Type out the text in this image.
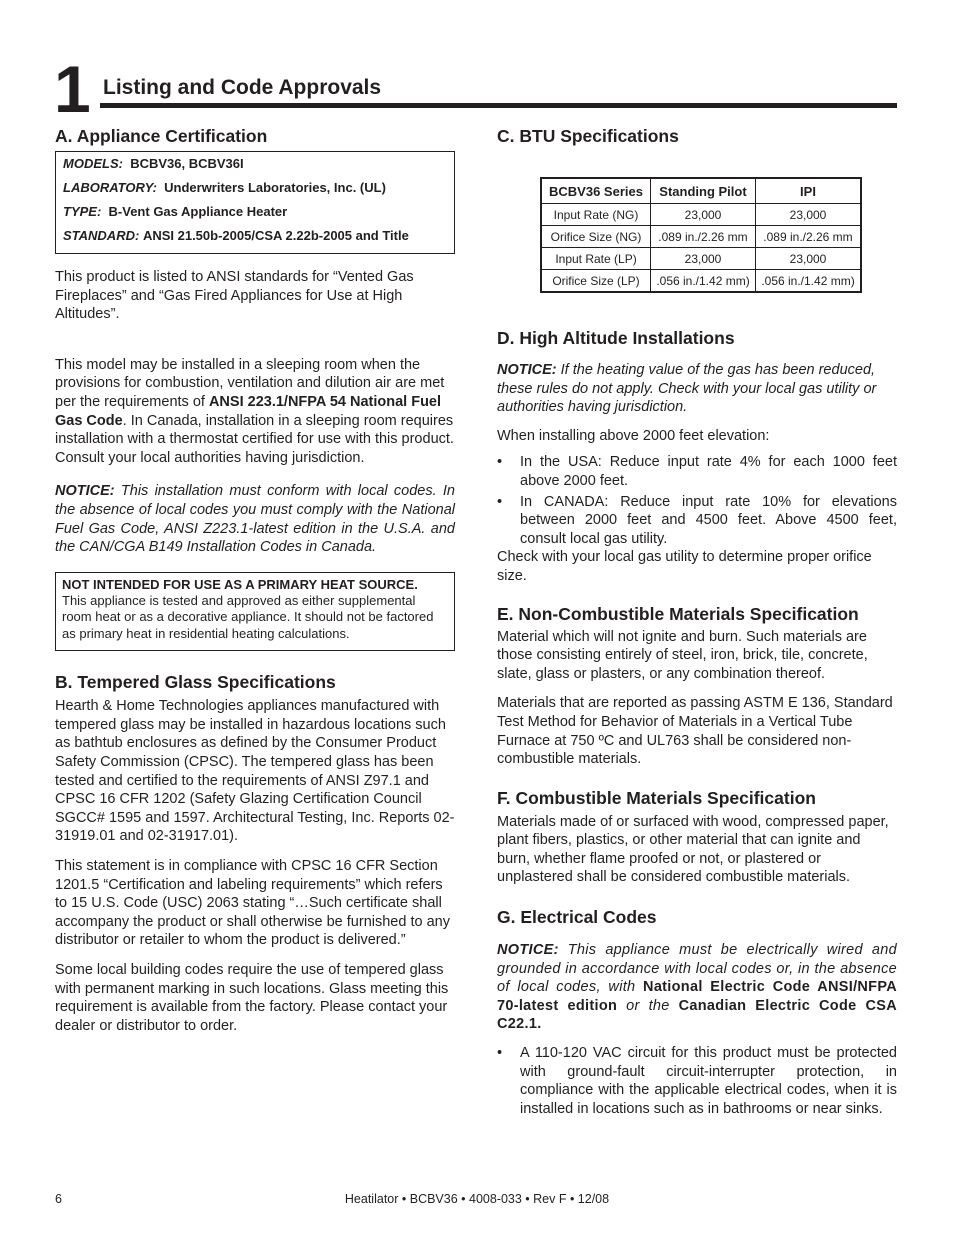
1 Listing and Code Approvals
A. Appliance Certification
MODELS: BCBV36, BCBV36I
LABORATORY: Underwriters Laboratories, Inc. (UL)
TYPE: B-Vent Gas Appliance Heater
STANDARD: ANSI 21.50b-2005/CSA 2.22b-2005 and Title

This product is listed to ANSI standards for “Vented Gas Fireplaces” and “Gas Fired Appliances for Use at High Altitudes”.

This model may be installed in a sleeping room when the provisions for combustion, ventilation and dilution air are met per the requirements of ANSI 223.1/NFPA 54 National Fuel Gas Code. In Canada, installation in a sleeping room requires installation with a thermostat certified for use with this product. Consult your local authorities having jurisdiction.

NOTICE: This installation must conform with local codes. In the absence of local codes you must comply with the National Fuel Gas Code, ANSI Z223.1-latest edition in the U.S.A. and the CAN/CGA B149 Installation Codes in Canada.

NOT INTENDED FOR USE AS A PRIMARY HEAT SOURCE.
This appliance is tested and approved as either supplemental room heat or as a decorative appliance. It should not be factored as primary heat in residential heating calculations.
B. Tempered Glass Specifications

Hearth & Home Technologies appliances manufactured with tempered glass may be installed in hazardous locations such as bathtub enclosures as defined by the Consumer Product Safety Commission (CPSC). The tempered glass has been tested and certified to the requirements of ANSI Z97.1 and CPSC 16 CFR 1202 (Safety Glazing Certification Council SGCC# 1595 and 1597. Architectural Testing, Inc. Reports 02-31919.01 and 02-31917.01).

This statement is in compliance with CPSC 16 CFR Section 1201.5 “Certification and labeling requirements” which refers to 15 U.S. Code (USC) 2063 stating “…Such certificate shall accompany the product or shall otherwise be furnished to any distributor or retailer to whom the product is delivered.”

Some local building codes require the use of tempered glass with permanent marking in such locations. Glass meeting this requirement is available from the factory. Please contact your dealer or distributor to order.

C. BTU Specifications
BCBV36 Series	Standing Pilot	IPI
Input Rate (NG)	23,000	23,000
Orifice Size (NG)	.089 in./2.26 mm	.089 in./2.26 mm
Input Rate (LP)	23,000	23,000
Orifice Size (LP)	.056 in./1.42 mm)	.056 in./1.42 mm)
D. High Altitude Installations

NOTICE: If the heating value of the gas has been reduced, these rules do not apply. Check with your local gas utility or authorities having jurisdiction.

When installing above 2000 feet elevation:

• In the USA: Reduce input rate 4% for each 1000 feet above 2000 feet.
• In CANADA: Reduce input rate 10% for elevations between 2000 feet and 4500 feet. Above 4500 feet, consult local gas utility.

Check with your local gas utility to determine proper orifice size.

E. Non-Combustible Materials Specification

Material which will not ignite and burn. Such materials are those consisting entirely of steel, iron, brick, tile, concrete, slate, glass or plasters, or any combination thereof.

Materials that are reported as passing ASTM E 136, Standard Test Method for Behavior of Materials in a Vertical Tube Furnace at 750 ºC and UL763 shall be considered non-combustible materials.

F. Combustible Materials Specification

Materials made of or surfaced with wood, compressed paper, plant fibers, plastics, or other material that can ignite and burn, whether flame proofed or not, or plastered or unplastered shall be considered combustible materials.

G. Electrical Codes

NOTICE: This appliance must be electrically wired and grounded in accordance with local codes or, in the absence of local codes, with National Electric Code ANSI/NFPA 70-latest edition or the Canadian Electric Code CSA C22.1.

• A 110-120 VAC circuit for this product must be protected with ground-fault circuit-interrupter protection, in compliance with the applicable electrical codes, when it is installed in locations such as in bathrooms or near sinks.
6	Heatilator • BCBV36 • 4008-033 • Rev F • 12/08
